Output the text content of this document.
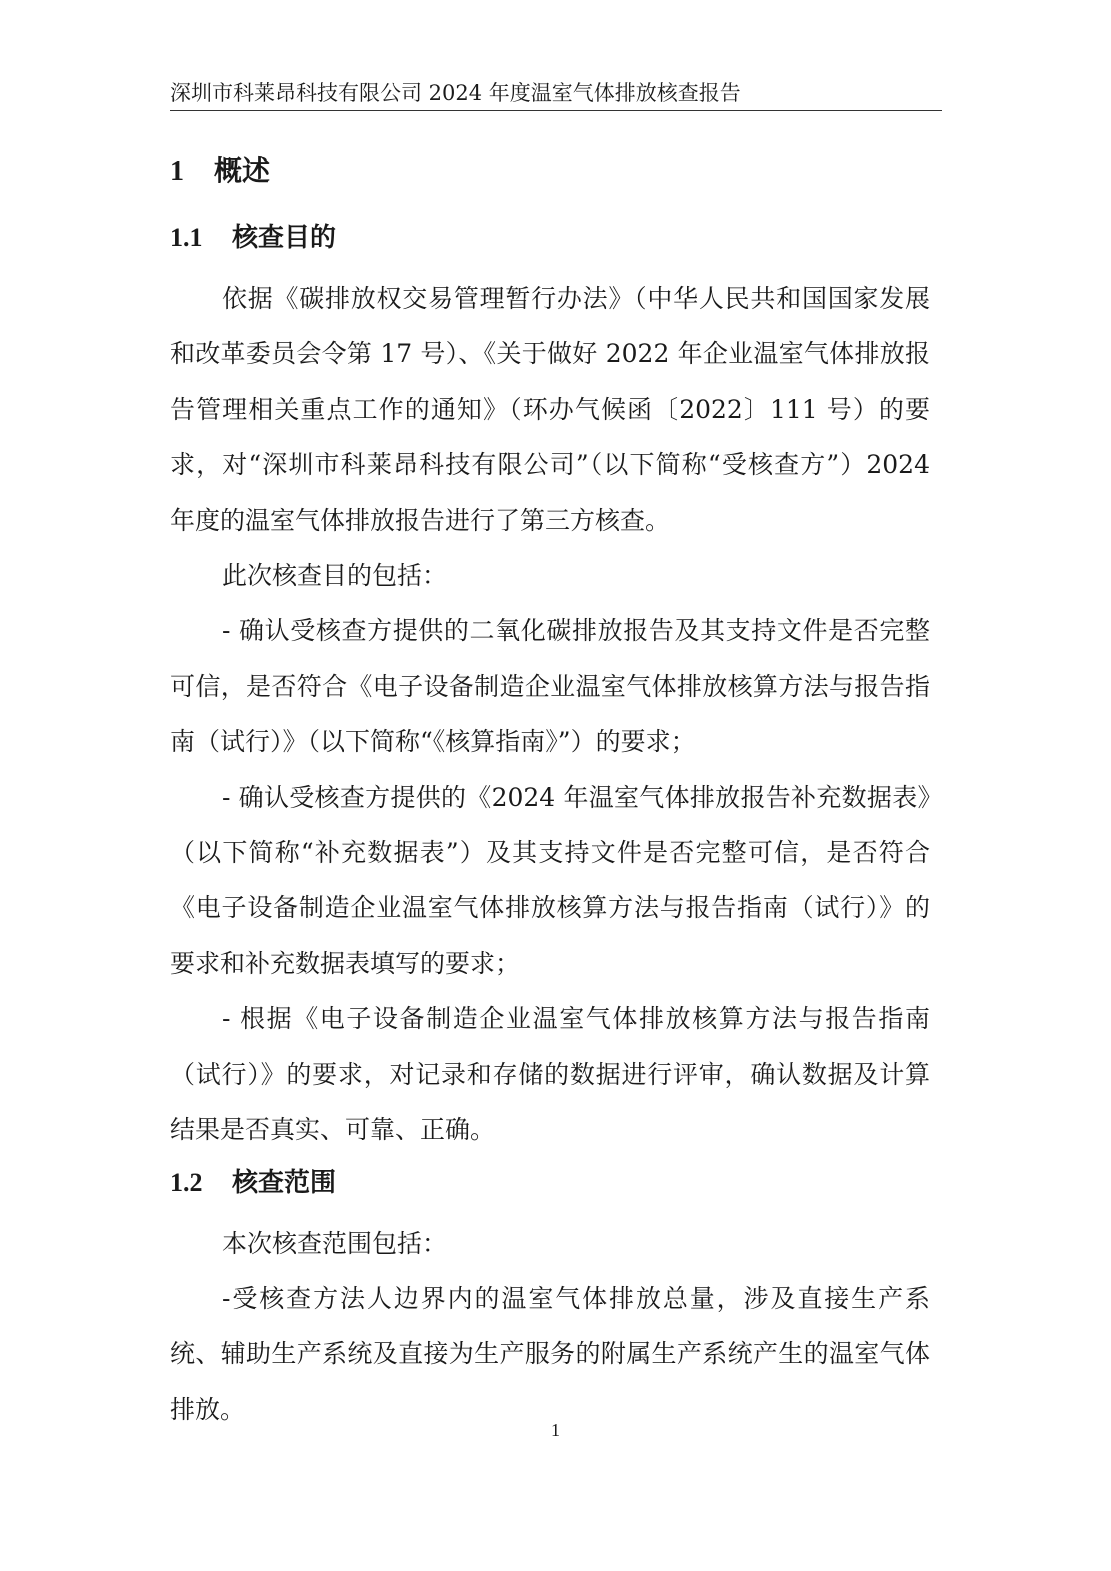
深圳市科莱昂科技有限公司 2024 年度温室气体排放核查报告
1 概述
1.1 核查目的

依据《碳排放权交易管理暂行办法》（中华人民共和国国家发展和改革委员会令第 17 号）、《关于做好 2022 年企业温室气体排放报告管理相关重点工作的通知》（环办气候函〔2022〕111 号）的要求，对“深圳市科莱昂科技有限公司”（以下简称“受核查方”）2024 年度的温室气体排放报告进行了第三方核查。

此次核查目的包括：

- 确认受核查方提供的二氧化碳排放报告及其支持文件是否完整可信，是否符合《电子设备制造企业温室气体排放核算方法与报告指南（试行）》（以下简称“《核算指南》”）的要求；

- 确认受核查方提供的《2024 年温室气体排放报告补充数据表》（以下简称“补充数据表”）及其支持文件是否完整可信，是否符合《电子设备制造企业温室气体排放核算方法与报告指南（试行）》的要求和补充数据表填写的要求；

- 根据《电子设备制造企业温室气体排放核算方法与报告指南（试行）》的要求，对记录和存储的数据进行评审，确认数据及计算结果是否真实、可靠、正确。

1.2 核查范围

本次核查范围包括：

-受核查方法人边界内的温室气体排放总量，涉及直接生产系统、辅助生产系统及直接为生产服务的附属生产系统产生的温室气体排放。

1
